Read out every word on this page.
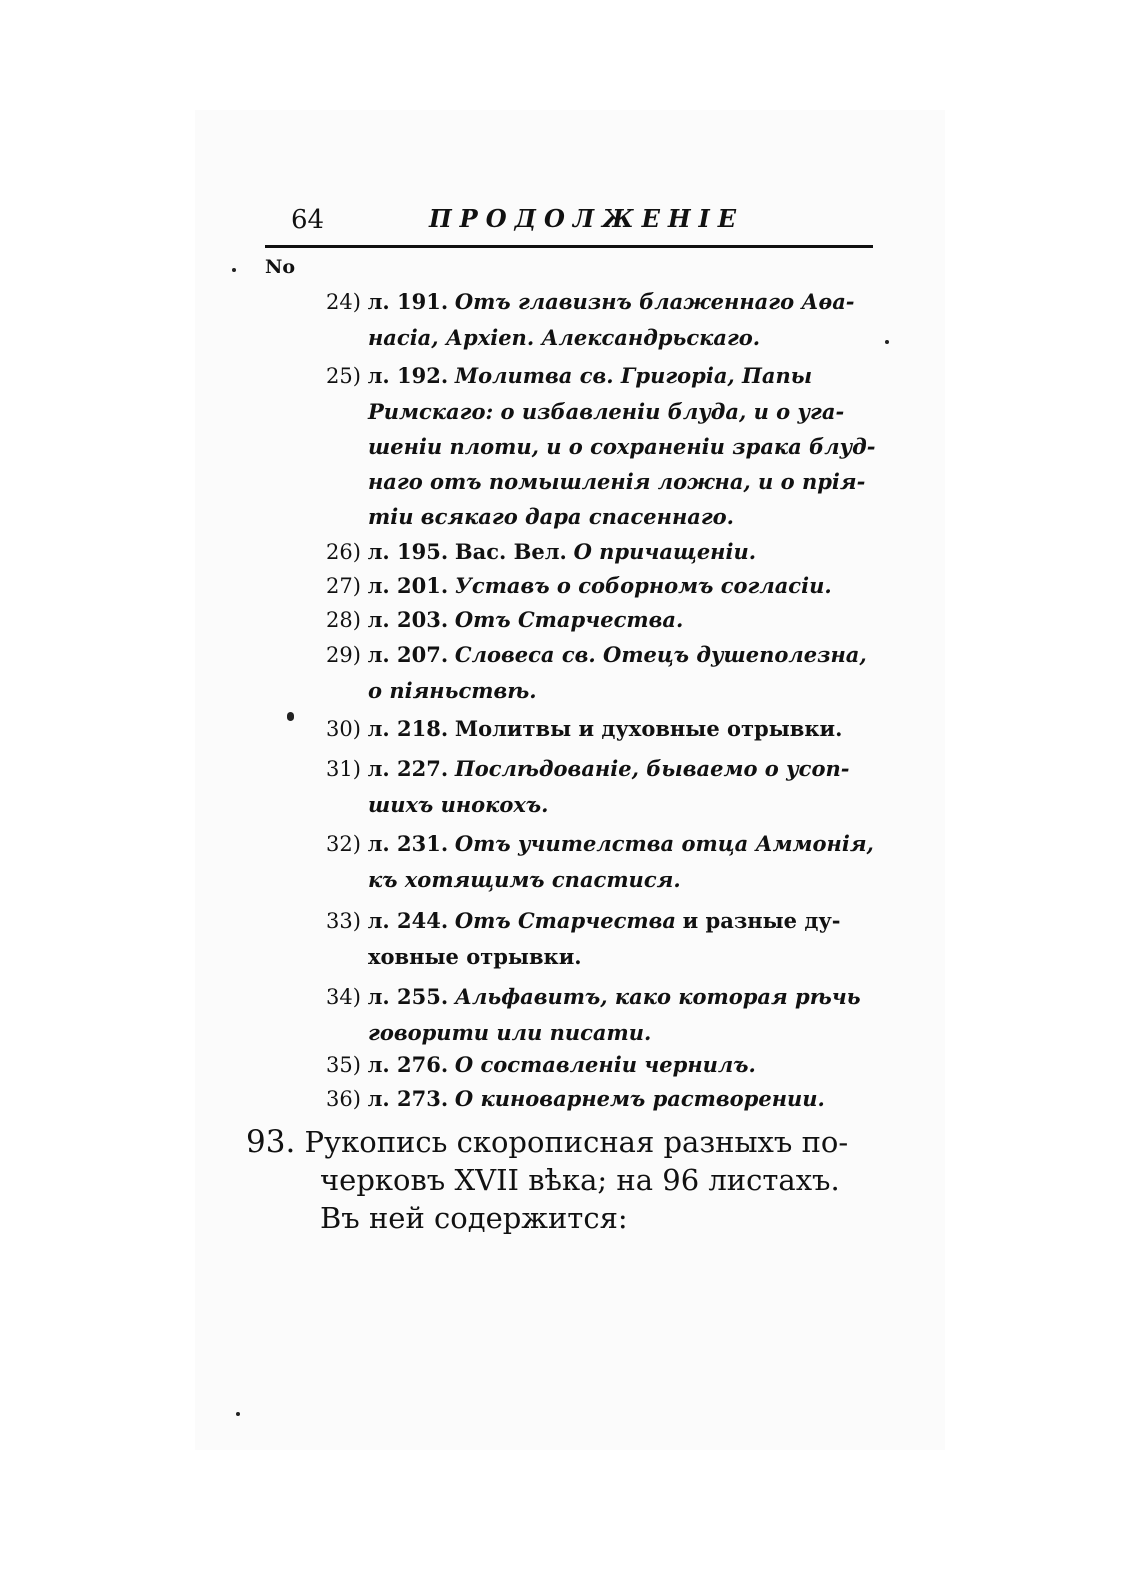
64	ПРОДОЛЖЕНІЕ
No
24) л. 191. Отъ главизнъ блаженнаго Аѳа-
насіа, Архіеп. Александрьскаго.
25) л. 192. Молитва св. Григоріа, Папы
Римскаго: о избавленіи блуда, и о уга-
шеніи плоти, и о сохраненіи зрака блуд-
наго отъ помышленія ложна, и о прія-
тіи всякаго дара спасеннаго.
26) л. 195. Вас. Вел. О причащеніи.
27) л. 201. Уставъ о соборномъ согласіи.
28) л. 203. Отъ Старчества.
29) л. 207. Словеса св. Отецъ душеполезна,
о піяньствѣ.
30) л. 218. Молитвы и духовные отрывки.
31) л. 227. Послѣдованіе, бываемо о усоп-
шихъ инокохъ.
32) л. 231. Отъ учителства отца Аммонія,
къ хотящимъ спастися.
33) л. 244. Отъ Старчества и разные ду-
ховные отрывки.
34) л. 255. Альфавитъ, како которая рѣчь
говорити или писати.
35) л. 276. О составленіи чернилъ.
36) л. 273. О киноварнемъ растворении.
93. Рукопись скорописная разныхъ по-
черковъ XVII вѣка; на 96 листахъ.
Въ ней содержится:
